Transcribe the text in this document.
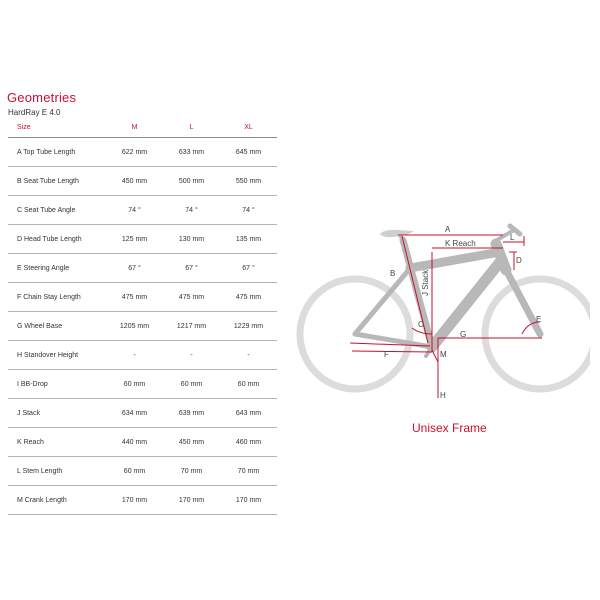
Geometries
HardRay E 4.0
Size	M	L	XL
A Top Tube Length	622 mm	633 mm	645 mm
B Seat Tube Length	450 mm	500 mm	550 mm
C Seat Tube Angle	74 °	74 °	74 °
D Head Tube Length	125 mm	130 mm	135 mm
E Steering Angle	67 °	67 °	67 °
F Chain Stay Length	475 mm	475 mm	475 mm
G Wheel Base	1205 mm	1217 mm	1229 mm
H Standover Height	-	-	-
I BB-Drop	60 mm	60 mm	60 mm
J Stack	634 mm	639 mm	643 mm
K Reach	440 mm	450 mm	460 mm
L Stem Length	60 mm	70 mm	70 mm
M Crank Length	170 mm	170 mm	170 mm
A
K Reach
L
B	J Stack
D
C
E
G
F	M
H
Unisex Frame
